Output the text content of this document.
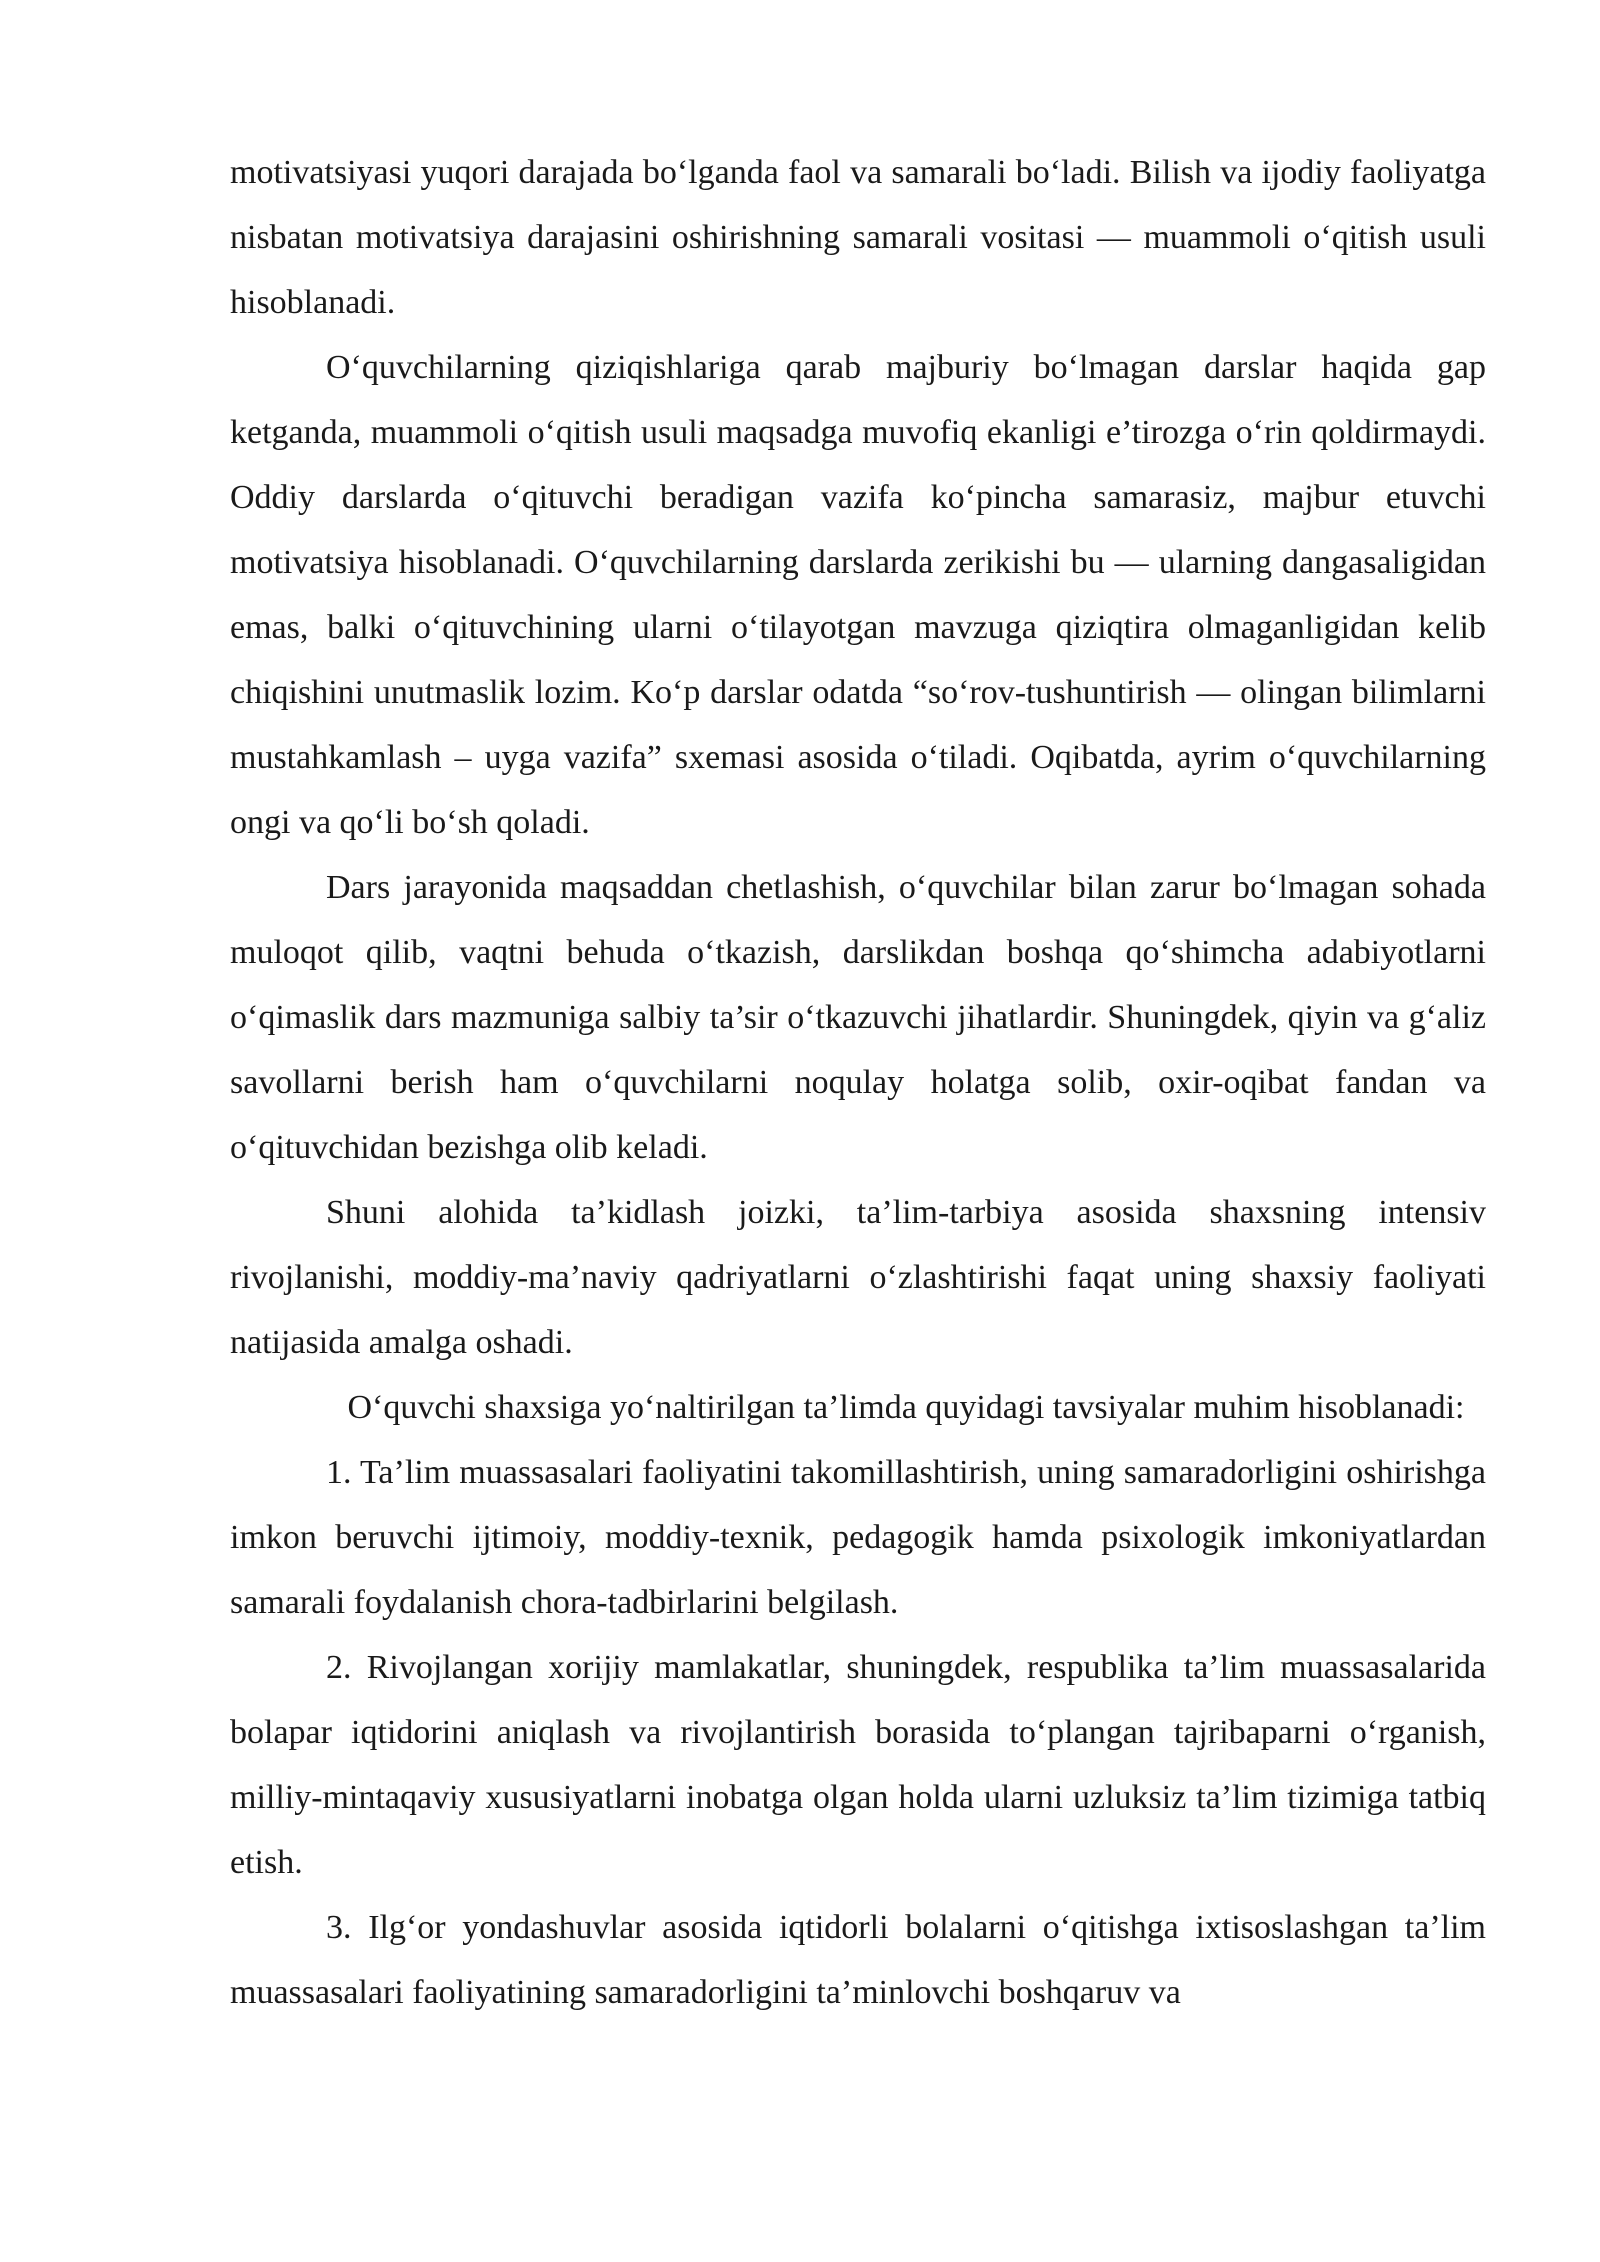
motivatsiyasi yuqori darajada bo‘lganda faol va samarali bo‘ladi. Bilish va ijodiy faoliyatga nisbatan motivatsiya darajasini oshirishning samarali vositasi — muammoli o‘qitish usuli hisoblanadi.

O‘quvchilarning qiziqishlariga qarab majburiy bo‘lmagan darslar haqida gap ketganda, muammoli o‘qitish usuli maqsadga muvofiq ekanligi e’tirozga o‘rin qoldirmaydi. Oddiy darslarda o‘qituvchi beradigan vazifa ko‘pincha samarasiz, majbur etuvchi motivatsiya hisoblanadi. O‘quvchilarning darslarda zerikishi bu — ularning dangasaligidan emas, balki o‘qituvchining ularni o‘tilayotgan mavzuga qiziqtira olmaganligidan kelib chiqishini unutmaslik lozim. Ko‘p darslar odatda “so‘rov-tushuntirish — olingan bilimlarni mustahkamlash – uyga vazifa” sxemasi asosida o‘tiladi. Oqibatda, ayrim o‘quvchilarning ongi va qo‘li bo‘sh qoladi.

Dars jarayonida maqsaddan chetlashish, o‘quvchilar bilan zarur bo‘lmagan sohada muloqot qilib, vaqtni behuda o‘tkazish, darslikdan boshqa qo‘shimcha adabiyotlarni o‘qimaslik dars mazmuniga salbiy ta’sir o‘tkazuvchi jihatlardir. Shuningdek, qiyin va g‘aliz savollarni berish ham o‘quvchilarni noqulay holatga solib, oxir-oqibat fandan va o‘qituvchidan bezishga olib keladi.

Shuni alohida ta’kidlash joizki, ta’lim-tarbiya asosida shaxsning intensiv rivojlanishi, moddiy-ma’naviy qadriyatlarni o‘zlashtirishi faqat uning shaxsiy faoliyati natijasida amalga oshadi.

O‘quvchi shaxsiga yo‘naltirilgan ta’limda quyidagi tavsiyalar muhim hisoblanadi:

1. Ta’lim muassasalari faoliyatini takomillashtirish, uning samaradorligini oshirishga imkon beruvchi ijtimoiy, moddiy-texnik, pedagogik hamda psixologik imkoniyatlardan samarali foydalanish chora-tadbirlarini belgilash.

2. Rivojlangan xorijiy mamlakatlar, shuningdek, respublika ta’lim muassasalarida bolapar iqtidorini aniqlash va rivojlantirish borasida to‘plangan tajribaparni o‘rganish, milliy-mintaqaviy xususiyatlarni inobatga olgan holda ularni uzluksiz ta’lim tizimiga tatbiq etish.

3. Ilg‘or yondashuvlar asosida iqtidorli bolalarni o‘qitishga ixtisoslashgan ta’lim muassasalari faoliyatining samaradorligini ta’minlovchi boshqaruv va
